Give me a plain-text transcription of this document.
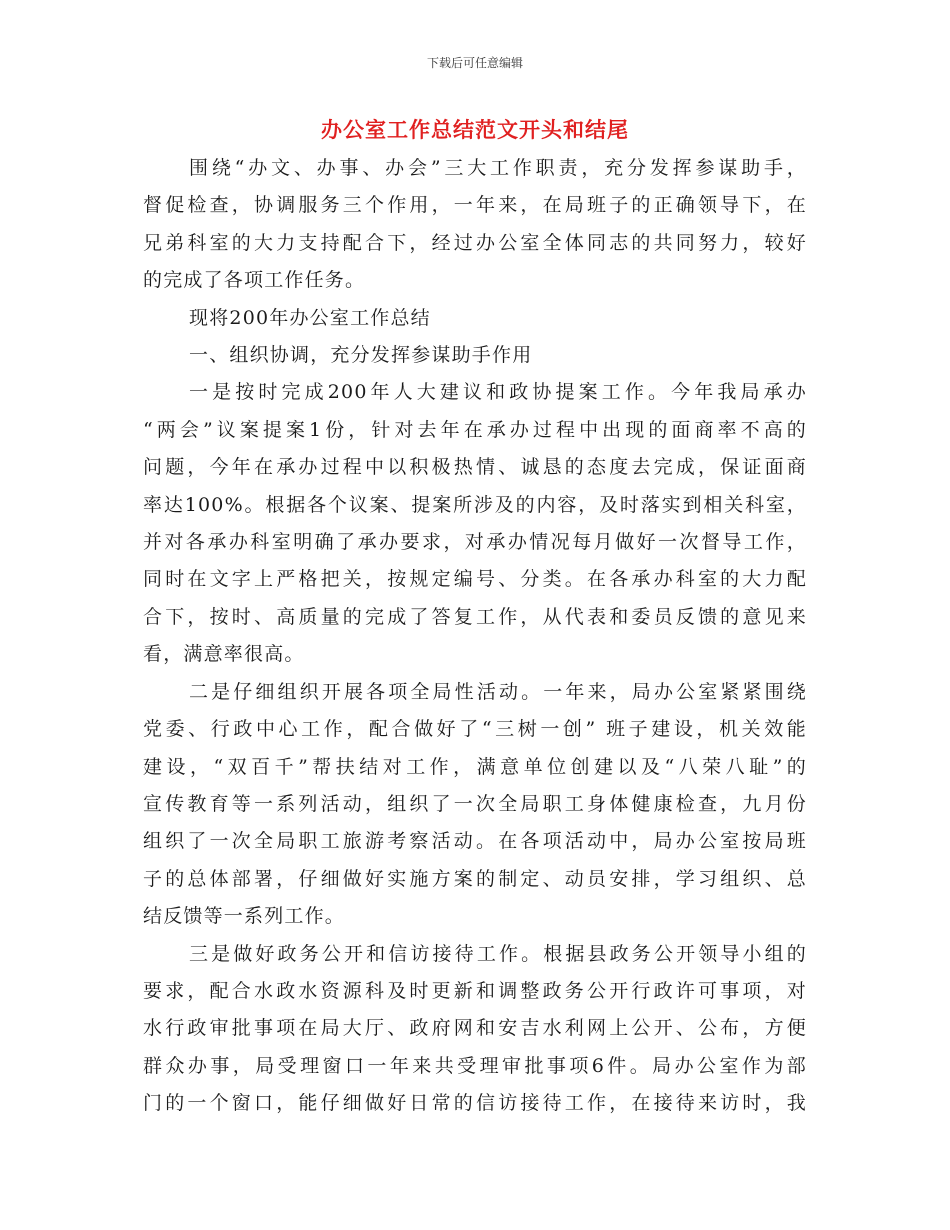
下载后可任意编辑
办公室工作总结范文开头和结尾

围绕“办文、办事、办会”三大工作职责，充分发挥参谋助手，
督促检查，协调服务三个作用，一年来，在局班子的正确领导下，在
兄弟科室的大力支持配合下，经过办公室全体同志的共同努力，较好
的完成了各项工作任务。

现将200年办公室工作总结

一、组织协调，充分发挥参谋助手作用

一是按时完成200年人大建议和政协提案工作。今年我局承办
“两会”议案提案1份，针对去年在承办过程中出现的面商率不高的
问题，今年在承办过程中以积极热情、诚恳的态度去完成，保证面商
率达100%。根据各个议案、提案所涉及的内容，及时落实到相关科室，
并对各承办科室明确了承办要求，对承办情况每月做好一次督导工作，
同时在文字上严格把关，按规定编号、分类。在各承办科室的大力配
合下，按时、高质量的完成了答复工作，从代表和委员反馈的意见来
看，满意率很高。

二是仔细组织开展各项全局性活动。一年来，局办公室紧紧围绕
党委、行政中心工作，配合做好了“三树一创” 班子建设，机关效能
建设，“双百千”帮扶结对工作，满意单位创建以及“八荣八耻”的
宣传教育等一系列活动，组织了一次全局职工身体健康检查，九月份
组织了一次全局职工旅游考察活动。在各项活动中，局办公室按局班
子的总体部署，仔细做好实施方案的制定、动员安排，学习组织、总
结反馈等一系列工作。

三是做好政务公开和信访接待工作。根据县政务公开领导小组的
要求，配合水政水资源科及时更新和调整政务公开行政许可事项，对
水行政审批事项在局大厅、政府网和安吉水利网上公开、公布，方便
群众办事，局受理窗口一年来共受理审批事项6件。局办公室作为部
门的一个窗口，能仔细做好日常的信访接待工作，在接待来访时，我
